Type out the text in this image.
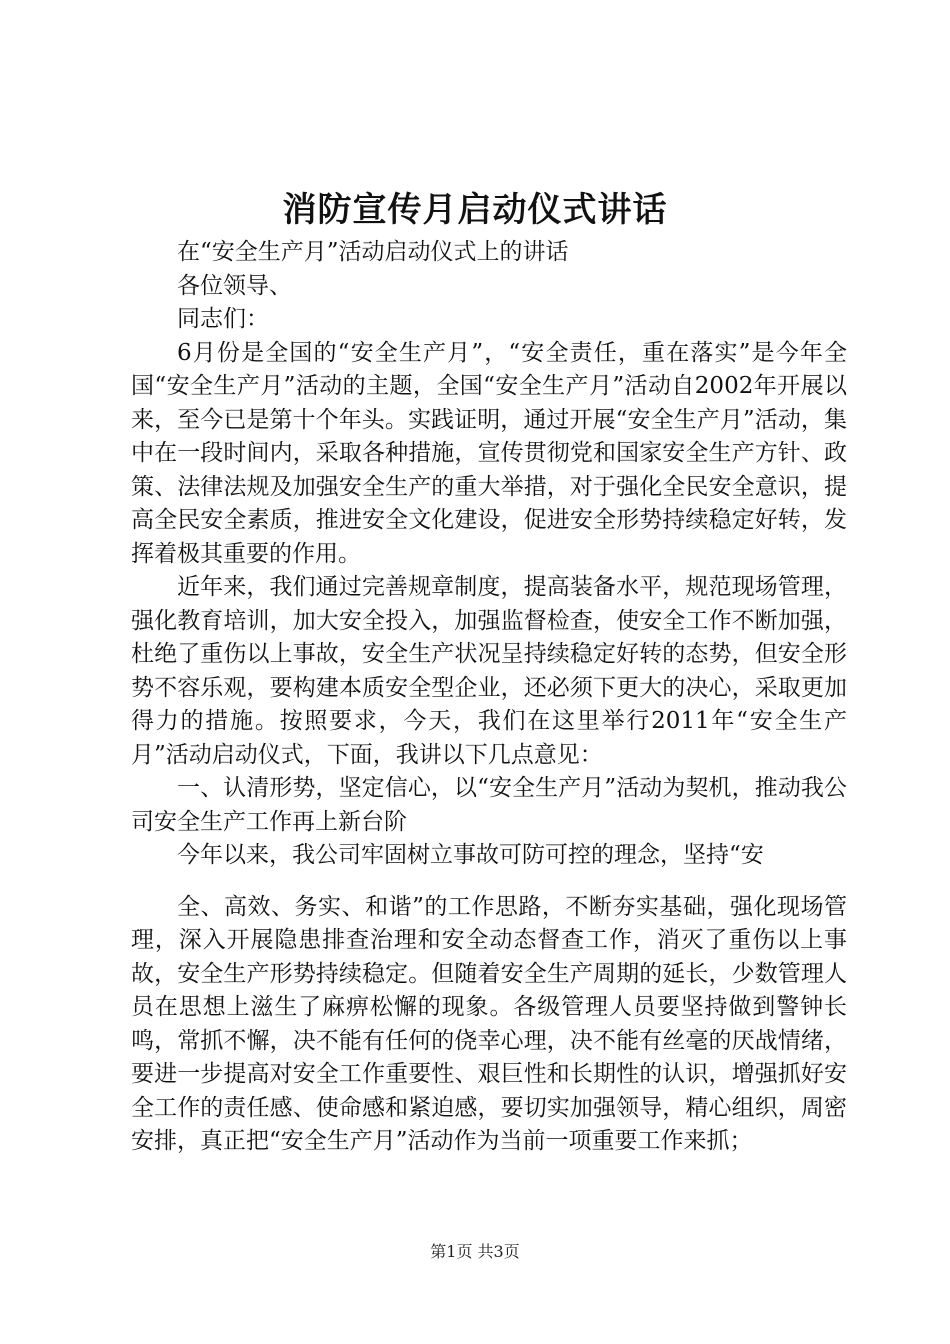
消防宣传月启动仪式讲话

在“安全生产月”活动启动仪式上的讲话

各位领导、

同志们：

6月份是全国的“安全生产月”，“安全责任，重在落实”是今年全国“安全生产月”活动的主题，全国“安全生产月”活动自2002年开展以来，至今已是第十个年头。实践证明，通过开展“安全生产月”活动，集中在一段时间内，采取各种措施，宣传贯彻党和国家安全生产方针、政策、法律法规及加强安全生产的重大举措，对于强化全民安全意识，提高全民安全素质，推进安全文化建设，促进安全形势持续稳定好转，发挥着极其重要的作用。

近年来，我们通过完善规章制度，提高装备水平，规范现场管理，强化教育培训，加大安全投入，加强监督检查，使安全工作不断加强，杜绝了重伤以上事故，安全生产状况呈持续稳定好转的态势，但安全形势不容乐观，要构建本质安全型企业，还必须下更大的决心，采取更加得力的措施。按照要求，今天，我们在这里举行2011年“安全生产月”活动启动仪式，下面，我讲以下几点意见：

一、认清形势，坚定信心，以“安全生产月”活动为契机，推动我公司安全生产工作再上新台阶

今年以来，我公司牢固树立事故可防可控的理念，坚持“安

全、高效、务实、和谐”的工作思路，不断夯实基础，强化现场管理，深入开展隐患排查治理和安全动态督查工作，消灭了重伤以上事故，安全生产形势持续稳定。但随着安全生产周期的延长，少数管理人员在思想上滋生了麻痹松懈的现象。各级管理人员要坚持做到警钟长鸣，常抓不懈，决不能有任何的侥幸心理，决不能有丝毫的厌战情绪，要进一步提高对安全工作重要性、艰巨性和长期性的认识，增强抓好安全工作的责任感、使命感和紧迫感，要切实加强领导，精心组织，周密安排，真正把“安全生产月”活动作为当前一项重要工作来抓；

第1页 共3页
